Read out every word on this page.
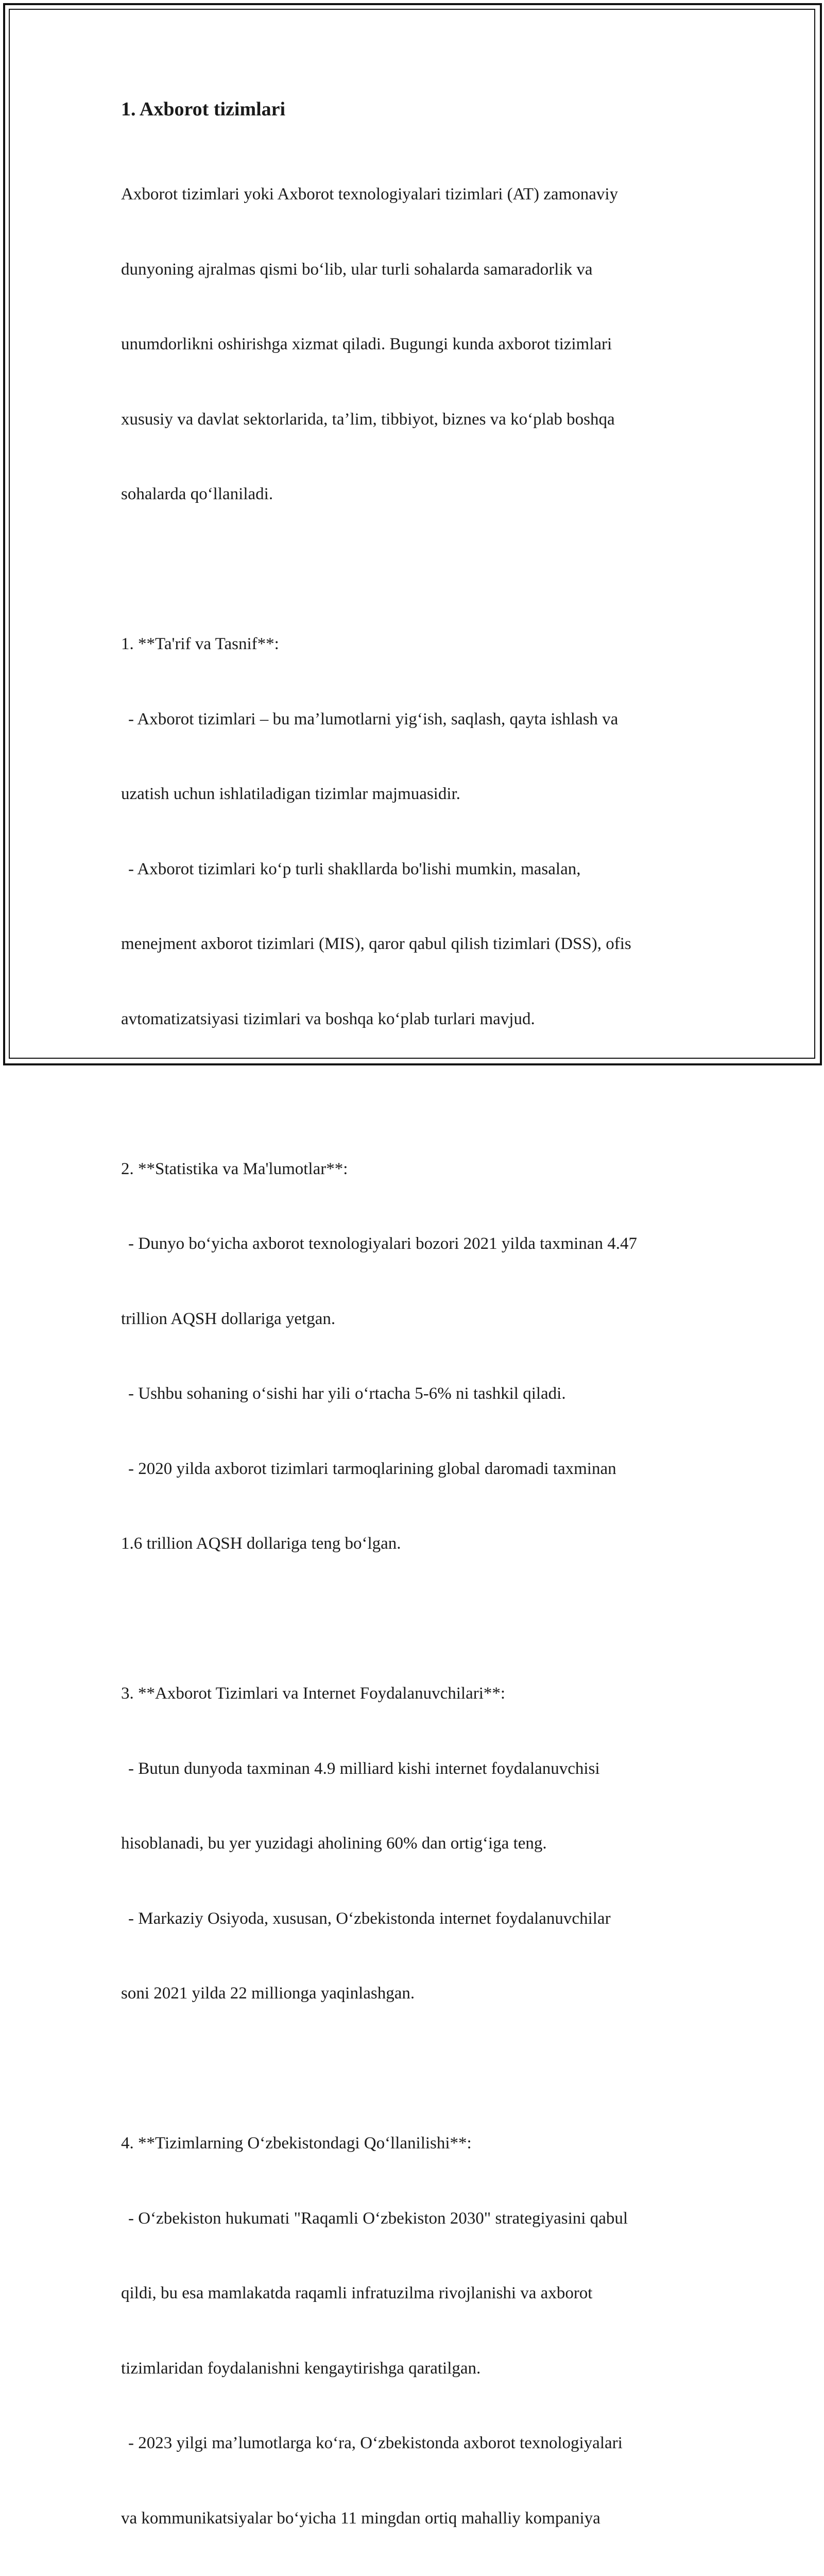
1. Axborot tizimlari

Axborot tizimlari yoki Axborot texnologiyalari tizimlari (AT) zamonaviy

dunyoning ajralmas qismi bo‘lib, ular turli sohalarda samaradorlik va

unumdorlikni oshirishga xizmat qiladi. Bugungi kunda axborot tizimlari

xususiy va davlat sektorlarida, ta’lim, tibbiyot, biznes va ko‘plab boshqa

sohalarda qo‘llaniladi.

1. **Ta'rif va Tasnif**:

- Axborot tizimlari – bu ma’lumotlarni yig‘ish, saqlash, qayta ishlash va

uzatish uchun ishlatiladigan tizimlar majmuasidir.

- Axborot tizimlari ko‘p turli shakllarda bo'lishi mumkin, masalan,

menejment axborot tizimlari (MIS), qaror qabul qilish tizimlari (DSS), ofis

avtomatizatsiyasi tizimlari va boshqa ko‘plab turlari mavjud.

2. **Statistika va Ma'lumotlar**:

- Dunyo bo‘yicha axborot texnologiyalari bozori 2021 yilda taxminan 4.47

trillion AQSH dollariga yetgan.

- Ushbu sohaning o‘sishi har yili o‘rtacha 5-6% ni tashkil qiladi.

- 2020 yilda axborot tizimlari tarmoqlarining global daromadi taxminan

1.6 trillion AQSH dollariga teng bo‘lgan.

3. **Axborot Tizimlari va Internet Foydalanuvchilari**:

- Butun dunyoda taxminan 4.9 milliard kishi internet foydalanuvchisi

hisoblanadi, bu yer yuzidagi aholining 60% dan ortig‘iga teng.

- Markaziy Osiyoda, xususan, O‘zbekistonda internet foydalanuvchilar

soni 2021 yilda 22 millionga yaqinlashgan.

4. **Tizimlarning O‘zbekistondagi Qo‘llanilishi**:

- O‘zbekiston hukumati "Raqamli O‘zbekiston 2030" strategiyasini qabul

qildi, bu esa mamlakatda raqamli infratuzilma rivojlanishi va axborot

tizimlaridan foydalanishni kengaytirishga qaratilgan.

- 2023 yilgi ma’lumotlarga ko‘ra, O‘zbekistonda axborot texnologiyalari

va kommunikatsiyalar bo‘yicha 11 mingdan ortiq mahalliy kompaniya
